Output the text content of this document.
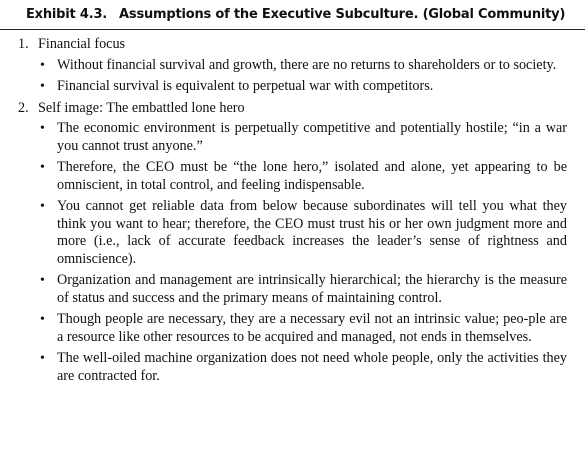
Exhibit 4.3. Assumptions of the Executive Subculture. (Global Community)
1. Financial focus
• Without financial survival and growth, there are no returns to shareholders or to society.
• Financial survival is equivalent to perpetual war with competitors.
2. Self image: The embattled lone hero
• The economic environment is perpetually competitive and potentially hostile; “in a war you cannot trust anyone.”
• Therefore, the CEO must be “the lone hero,” isolated and alone, yet appearing to be omniscient, in total control, and feeling indispensable.
• You cannot get reliable data from below because subordinates will tell you what they think you want to hear; therefore, the CEO must trust his or her own judgment more and more (i.e., lack of accurate feedback increases the leader’s sense of rightness and omniscience).
• Organization and management are intrinsically hierarchical; the hierarchy is the measure of status and success and the primary means of maintaining control.
• Though people are necessary, they are a necessary evil not an intrinsic value; peo-ple are a resource like other resources to be acquired and managed, not ends in themselves.
• The well-oiled machine organization does not need whole people, only the activities they are contracted for.
